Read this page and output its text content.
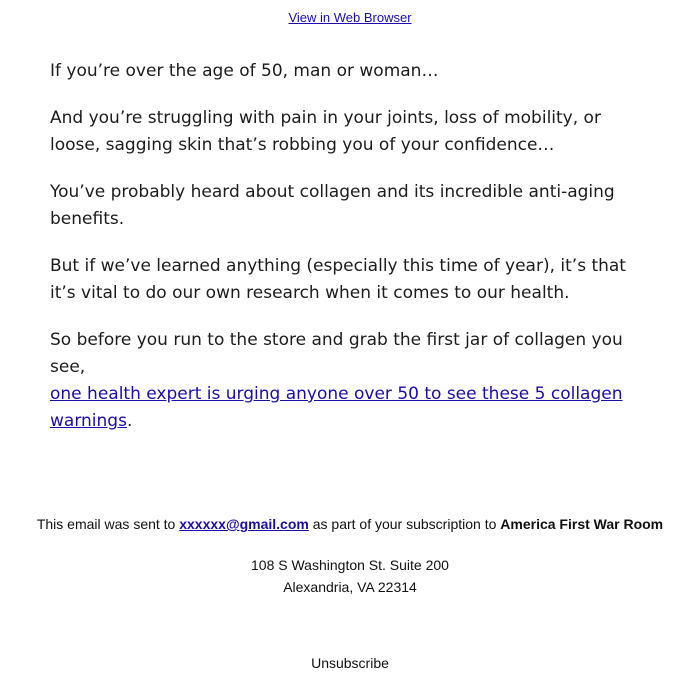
View in Web Browser

If you’re over the age of 50, man or woman…

And you’re struggling with pain in your joints, loss of mobility, or loose, sagging skin that’s robbing you of your confidence…

You’ve probably heard about collagen and its incredible anti-aging benefits.

But if we’ve learned anything (especially this time of year), it’s that it’s vital to do our own research when it comes to our health.

So before you run to the store and grab the first jar of collagen you see,
one health expert is urging anyone over 50 to see these 5 collagen warnings.

This email was sent to xxxxxx@gmail.com as part of your subscription to America First War Room
108 S Washington St. Suite 200
Alexandria, VA 22314
Unsubscribe
